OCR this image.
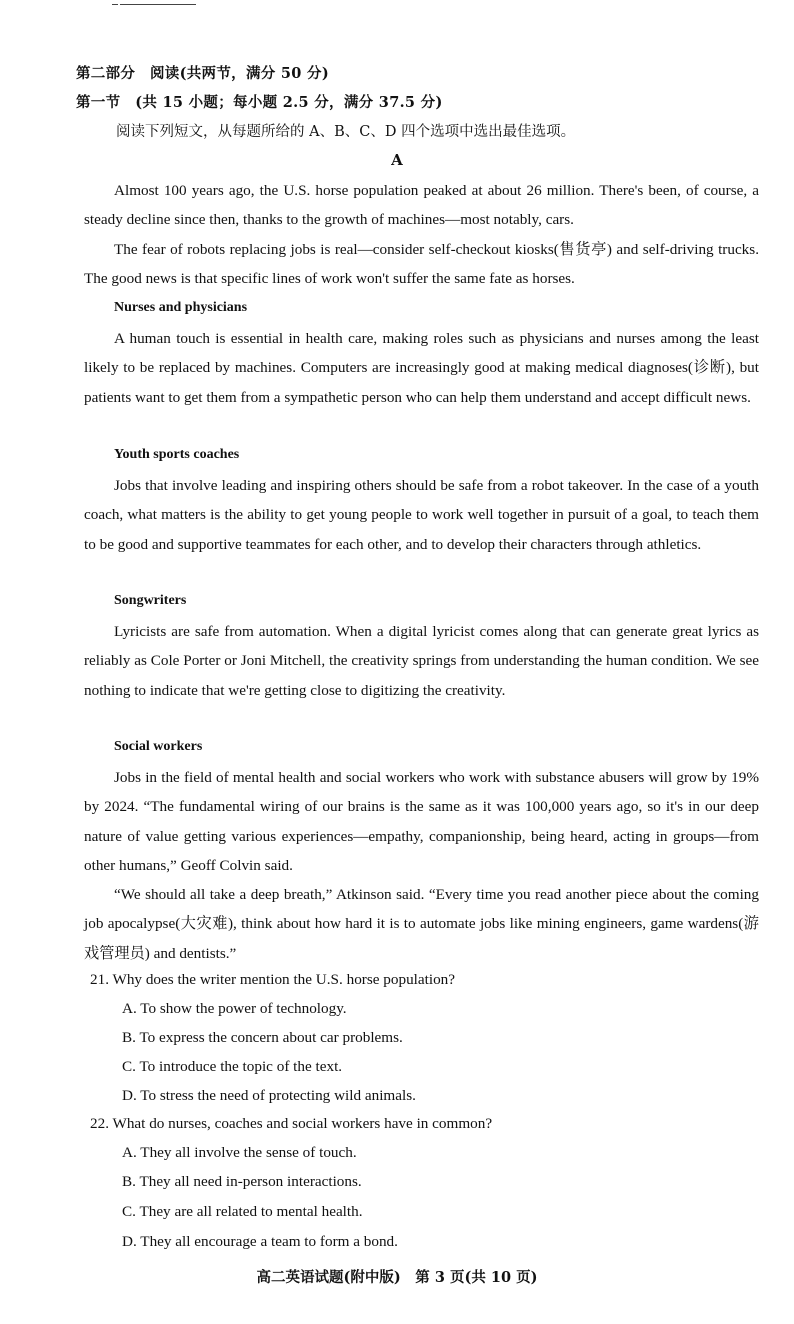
第二部分　阅读(共两节，满分 50 分)
第一节　(共 15 小题；每小题 2.5 分，满分 37.5 分)
阅读下列短文，从每题所给的 A、B、C、D 四个选项中选出最佳选项。
A
Almost 100 years ago, the U.S. horse population peaked at about 26 million. There's been, of course, a steady decline since then, thanks to the growth of machines—most notably, cars.
The fear of robots replacing jobs is real—consider self-checkout kiosks(售货亭) and self-driving trucks. The good news is that specific lines of work won't suffer the same fate as horses.
Nurses and physicians
A human touch is essential in health care, making roles such as physicians and nurses among the least likely to be replaced by machines. Computers are increasingly good at making medical diagnoses(诊断), but patients want to get them from a sympathetic person who can help them understand and accept difficult news.
Youth sports coaches
Jobs that involve leading and inspiring others should be safe from a robot takeover. In the case of a youth coach, what matters is the ability to get young people to work well together in pursuit of a goal, to teach them to be good and supportive teammates for each other, and to develop their characters through athletics.
Songwriters
Lyricists are safe from automation. When a digital lyricist comes along that can generate great lyrics as reliably as Cole Porter or Joni Mitchell, the creativity springs from understanding the human condition. We see nothing to indicate that we're getting close to digitizing the creativity.
Social workers
Jobs in the field of mental health and social workers who work with substance abusers will grow by 19% by 2024. “The fundamental wiring of our brains is the same as it was 100,000 years ago, so it's in our deep nature of value getting various experiences—empathy, companionship, being heard, acting in groups—from other humans,” Geoff Colvin said.
“We should all take a deep breath,” Atkinson said. “Every time you read another piece about the coming job apocalypse(大灾难), think about how hard it is to automate jobs like mining engineers, game wardens(游戏管理员) and dentists.”
21. Why does the writer mention the U.S. horse population?
A. To show the power of technology.
B. To express the concern about car problems.
C. To introduce the topic of the text.
D. To stress the need of protecting wild animals.
22. What do nurses, coaches and social workers have in common?
A. They all involve the sense of touch.
B. They all need in-person interactions.
C. They are all related to mental health.
D. They all encourage a team to form a bond.
高二英语试题(附中版)　第 3 页(共 10 页)
